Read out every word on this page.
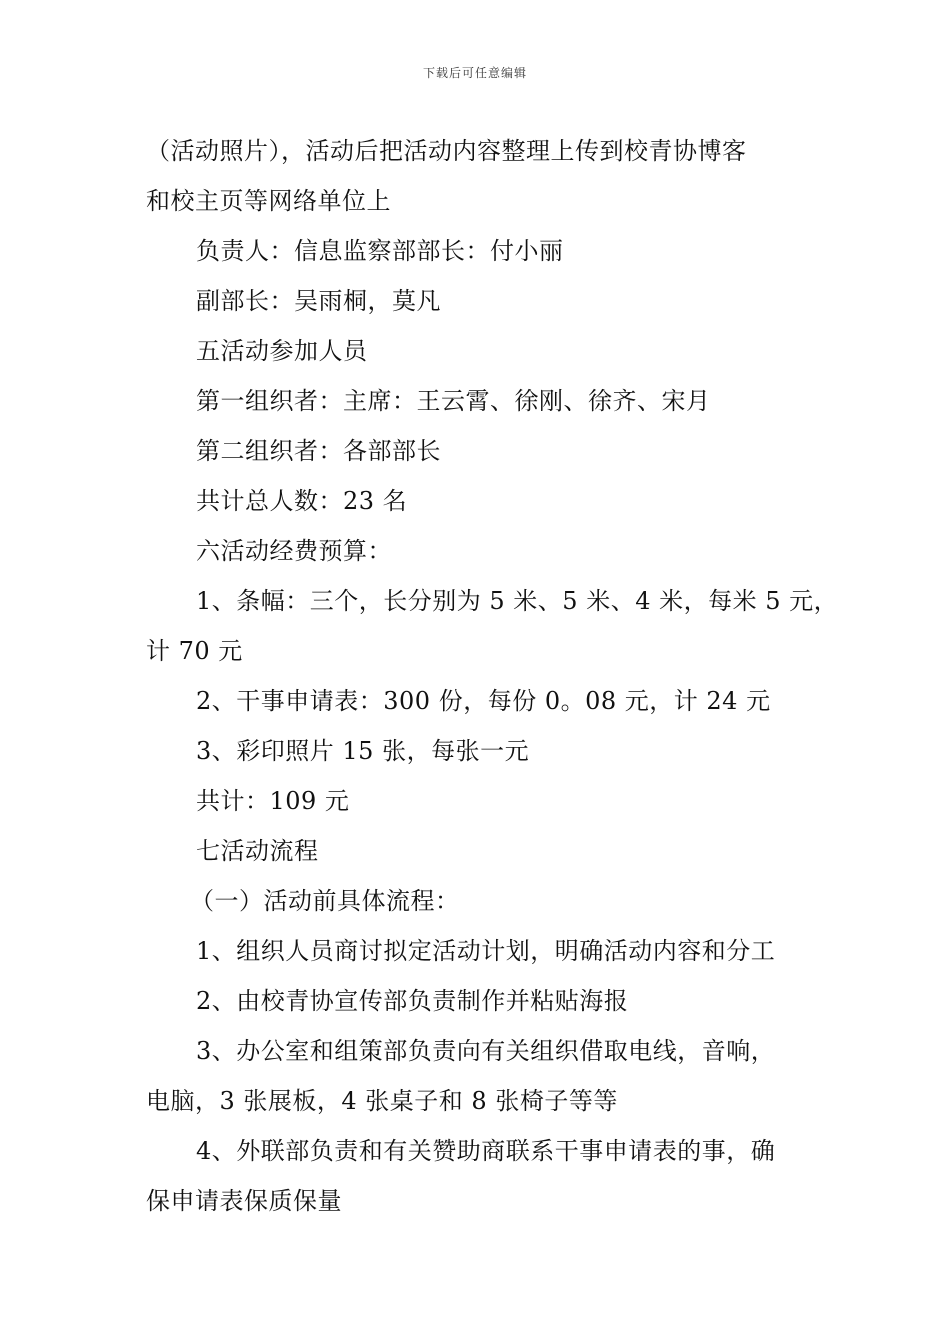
下载后可任意编辑
（活动照片），活动后把活动内容整理上传到校青协博客
和校主页等网络单位上
负责人：信息监察部部长：付小丽
副部长：吴雨桐，莫凡
五活动参加人员
第一组织者：主席：王云霄、徐刚、徐齐、宋月
第二组织者：各部部长
共计总人数：23 名
六活动经费预算：
1、条幅：三个，长分别为 5 米、5 米、4 米，每米 5 元，
计 70 元
2、干事申请表：300 份，每份 0。08 元，计 24 元
3、彩印照片 15 张，每张一元
共计：109 元
七活动流程
（一）活动前具体流程：
1、组织人员商讨拟定活动计划，明确活动内容和分工
2、由校青协宣传部负责制作并粘贴海报
3、办公室和组策部负责向有关组织借取电线，音响，
电脑，3 张展板，4 张桌子和 8 张椅子等等
4、外联部负责和有关赞助商联系干事申请表的事，确
保申请表保质保量
